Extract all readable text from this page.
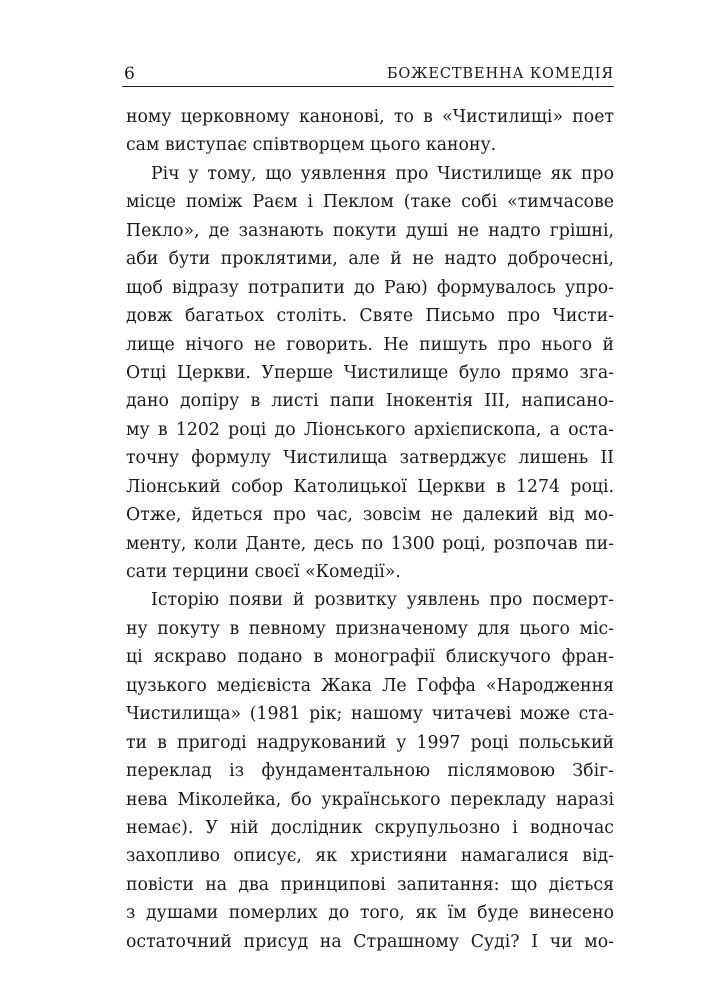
6	БОЖЕСТВЕННА КОМЕДІЯ
ному церковному канонові, то в «Чистилищі» поет
сам виступає співтворцем цього канону.
Річ у тому, що уявлення про Чистилище як про
місце поміж Раєм і Пеклом (таке собі «тимчасове
Пекло», де зазнають покути душі не надто грішні,
аби бути проклятими, але й не надто доброчесні,
щоб відразу потрапити до Раю) формувалось упро-
довж багатьох століть. Святе Письмо про Чисти-
лище нічого не говорить. Не пишуть про нього й
Отці Церкви. Уперше Чистилище було прямо зга-
дано допіру в листі папи Інокентія III, написано-
му в 1202 році до Ліонського архієпископа, а оста-
точну формулу Чистилища затверджує лишень II
Ліонський собор Католицької Церкви в 1274 році.
Отже, йдеться про час, зовсім не далекий від мо-
менту, коли Данте, десь по 1300 році, розпочав пи-
сати терцини своєї «Комедії».
Історію появи й розвитку уявлень про посмерт-
ну покуту в певному призначеному для цього міс-
ці яскраво подано в монографії блискучого фран-
цузького медієвіста Жака Ле Гоффа «Народження
Чистилища» (1981 рік; нашому читачеві може ста-
ти в пригоді надрукований у 1997 році польський
переклад із фундаментальною післямовою Збіг-
нева Міколейка, бо українського перекладу наразі
немає). У ній дослідник скрупульозно і водночас
захопливо описує, як християни намагалися від-
повісти на два принципові запитання: що діється
з душами померлих до того, як їм буде винесено
остаточний присуд на Страшному Суді? І чи мо-
